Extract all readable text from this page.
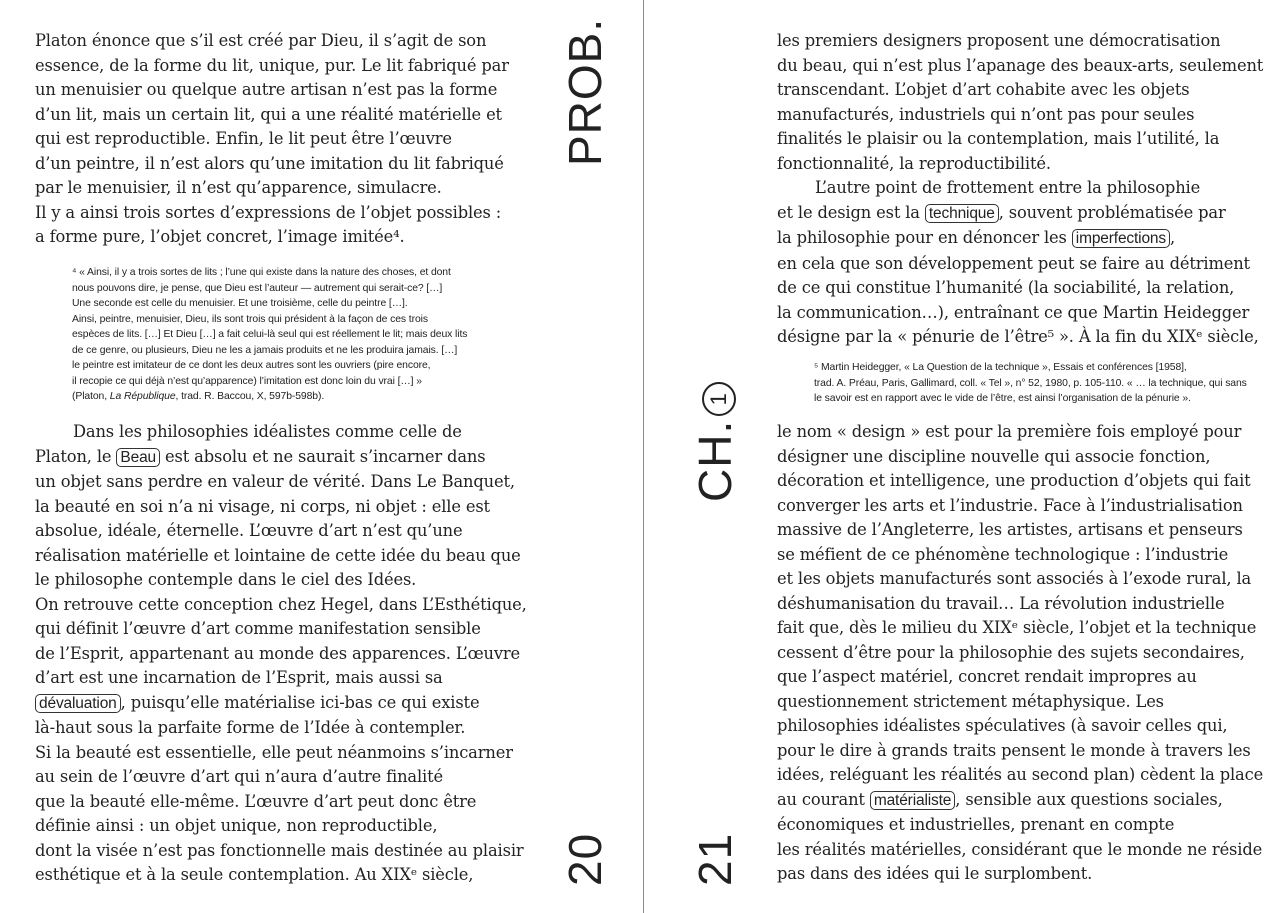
Platon énonce que s’il est créé par Dieu, il s’agit de son
essence, de la forme du lit, unique, pur. Le lit fabriqué par
un menuisier ou quelque autre artisan n’est pas la forme
d’un lit, mais un certain lit, qui a une réalité matérielle et
qui est reproductible. Enfin, le lit peut être l’œuvre
d’un peintre, il n’est alors qu’une imitation du lit fabriqué
par le menuisier, il n’est qu’apparence, simulacre.
Il y a ainsi trois sortes d’expressions de l’objet possibles :
a forme pure, l’objet concret, l’image imitée⁴.
⁴ « Ainsi, il y a trois sortes de lits ; l’une qui existe dans la nature des choses, et dont
nous pouvons dire, je pense, que Dieu est l’auteur — autrement qui serait-ce? […]
Une seconde est celle du menuisier. Et une troisième, celle du peintre […].
Ainsi, peintre, menuisier, Dieu, ils sont trois qui président à la façon de ces trois
espèces de lits. […] Et Dieu […] a fait celui-là seul qui est réellement le lit; mais deux lits
de ce genre, ou plusieurs, Dieu ne les a jamais produits et ne les produira jamais. […]
le peintre est imitateur de ce dont les deux autres sont les ouvriers (pire encore,
il recopie ce qui déjà n’est qu’apparence) l’imitation est donc loin du vrai […] »
(Platon, La République, trad. R. Baccou, X, 597b-598b).
Dans les philosophies idéalistes comme celle de
Platon, le Beau est absolu et ne saurait s’incarner dans
un objet sans perdre en valeur de vérité. Dans Le Banquet,
la beauté en soi n’a ni visage, ni corps, ni objet : elle est
absolue, idéale, éternelle. L’œuvre d’art n’est qu’une
réalisation matérielle et lointaine de cette idée du beau que
le philosophe contemple dans le ciel des Idées.
On retrouve cette conception chez Hegel, dans L’Esthétique,
qui définit l’œuvre d’art comme manifestation sensible
de l’Esprit, appartenant au monde des apparences. L’œuvre
d’art est une incarnation de l’Esprit, mais aussi sa
dévaluation , puisqu’elle matérialise ici-bas ce qui existe
là-haut sous la parfaite forme de l’Idée à contempler.
Si la beauté est essentielle, elle peut néanmoins s’incarner
au sein de l’œuvre d’art qui n’aura d’autre finalité
que la beauté elle-même. L’œuvre d’art peut donc être
définie ainsi : un objet unique, non reproductible,
dont la visée n’est pas fonctionnelle mais destinée au plaisir
esthétique et à la seule contemplation. Au XIXᵉ siècle,
PROB.
20
CH.1
21
les premiers designers proposent une démocratisation
du beau, qui n’est plus l’apanage des beaux-arts, seulement
transcendant. L’objet d’art cohabite avec les objets
manufacturés, industriels qui n’ont pas pour seules
finalités le plaisir ou la contemplation, mais l’utilité, la
fonctionnalité, la reproductibilité.
L’autre point de frottement entre la philosophie
et le design est la technique , souvent problématisée par
la philosophie pour en dénoncer les imperfections ,
en cela que son développement peut se faire au détriment
de ce qui constitue l’humanité (la sociabilité, la relation,
la communication…), entraînant ce que Martin Heidegger
désigne par la « pénurie de l’être⁵ ». À la fin du XIXᵉ siècle,
⁵ Martin Heidegger, « La Question de la technique », Essais et conférences [1958],
trad. A. Préau, Paris, Gallimard, coll. « Tel », n° 52, 1980, p. 105-110. « … la technique, qui sans
le savoir est en rapport avec le vide de l’être, est ainsi l’organisation de la pénurie ».
le nom « design » est pour la première fois employé pour
désigner une discipline nouvelle qui associe fonction,
décoration et intelligence, une production d’objets qui fait
converger les arts et l’industrie. Face à l’industrialisation
massive de l’Angleterre, les artistes, artisans et penseurs
se méfient de ce phénomène technologique : l’industrie
et les objets manufacturés sont associés à l’exode rural, la
déshumanisation du travail… La révolution industrielle
fait que, dès le milieu du XIXᵉ siècle, l’objet et la technique
cessent d’être pour la philosophie des sujets secondaires,
que l’aspect matériel, concret rendait impropres au
questionnement strictement métaphysique. Les
philosophies idéalistes spéculatives (à savoir celles qui,
pour le dire à grands traits pensent le monde à travers les
idées, reléguant les réalités au second plan) cèdent la place
au courant matérialiste , sensible aux questions sociales,
économiques et industrielles, prenant en compte
les réalités matérielles, considérant que le monde ne réside
pas dans des idées qui le surplombent.
